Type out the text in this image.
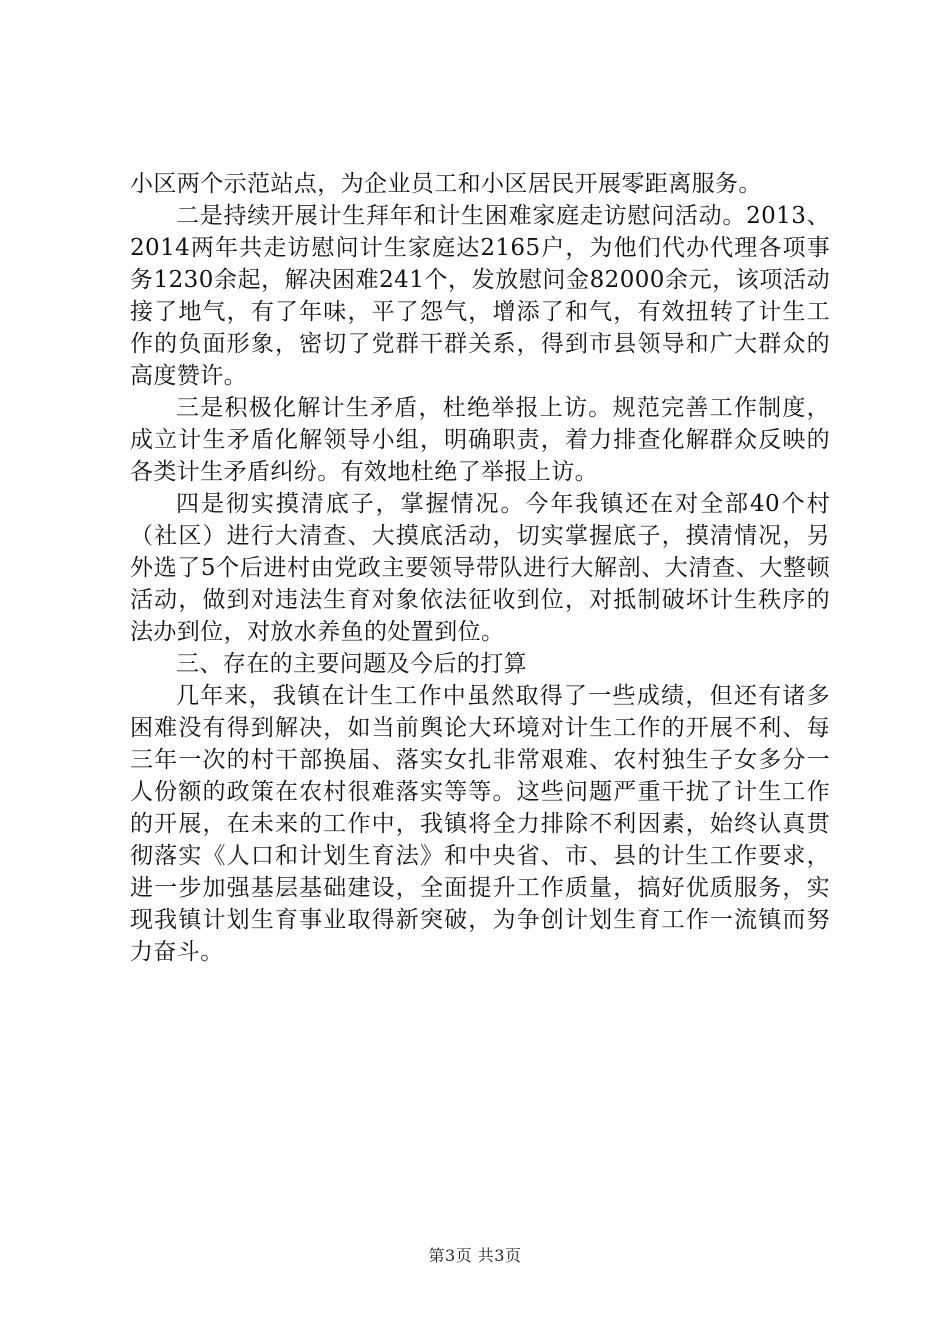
小区两个示范站点，为企业员工和小区居民开展零距离服务。

二是持续开展计生拜年和计生困难家庭走访慰问活动。2013、2014两年共走访慰问计生家庭达2165户，为他们代办代理各项事务1230余起，解决困难241个，发放慰问金82000余元，该项活动接了地气，有了年味，平了怨气，增添了和气，有效扭转了计生工作的负面形象，密切了党群干群关系，得到市县领导和广大群众的高度赞许。

三是积极化解计生矛盾，杜绝举报上访。规范完善工作制度，成立计生矛盾化解领导小组，明确职责，着力排查化解群众反映的各类计生矛盾纠纷。有效地杜绝了举报上访。

四是彻实摸清底子，掌握情况。今年我镇还在对全部40个村（社区）进行大清查、大摸底活动，切实掌握底子，摸清情况，另外选了5个后进村由党政主要领导带队进行大解剖、大清查、大整顿活动，做到对违法生育对象依法征收到位，对抵制破坏计生秩序的法办到位，对放水养鱼的处置到位。

三、存在的主要问题及今后的打算

几年来，我镇在计生工作中虽然取得了一些成绩，但还有诸多困难没有得到解决，如当前舆论大环境对计生工作的开展不利、每三年一次的村干部换届、落实女扎非常艰难、农村独生子女多分一人份额的政策在农村很难落实等等。这些问题严重干扰了计生工作的开展，在未来的工作中，我镇将全力排除不利因素，始终认真贯彻落实《人口和计划生育法》和中央省、市、县的计生工作要求，进一步加强基层基础建设，全面提升工作质量，搞好优质服务，实现我镇计划生育事业取得新突破，为争创计划生育工作一流镇而努力奋斗。

第3页 共3页
